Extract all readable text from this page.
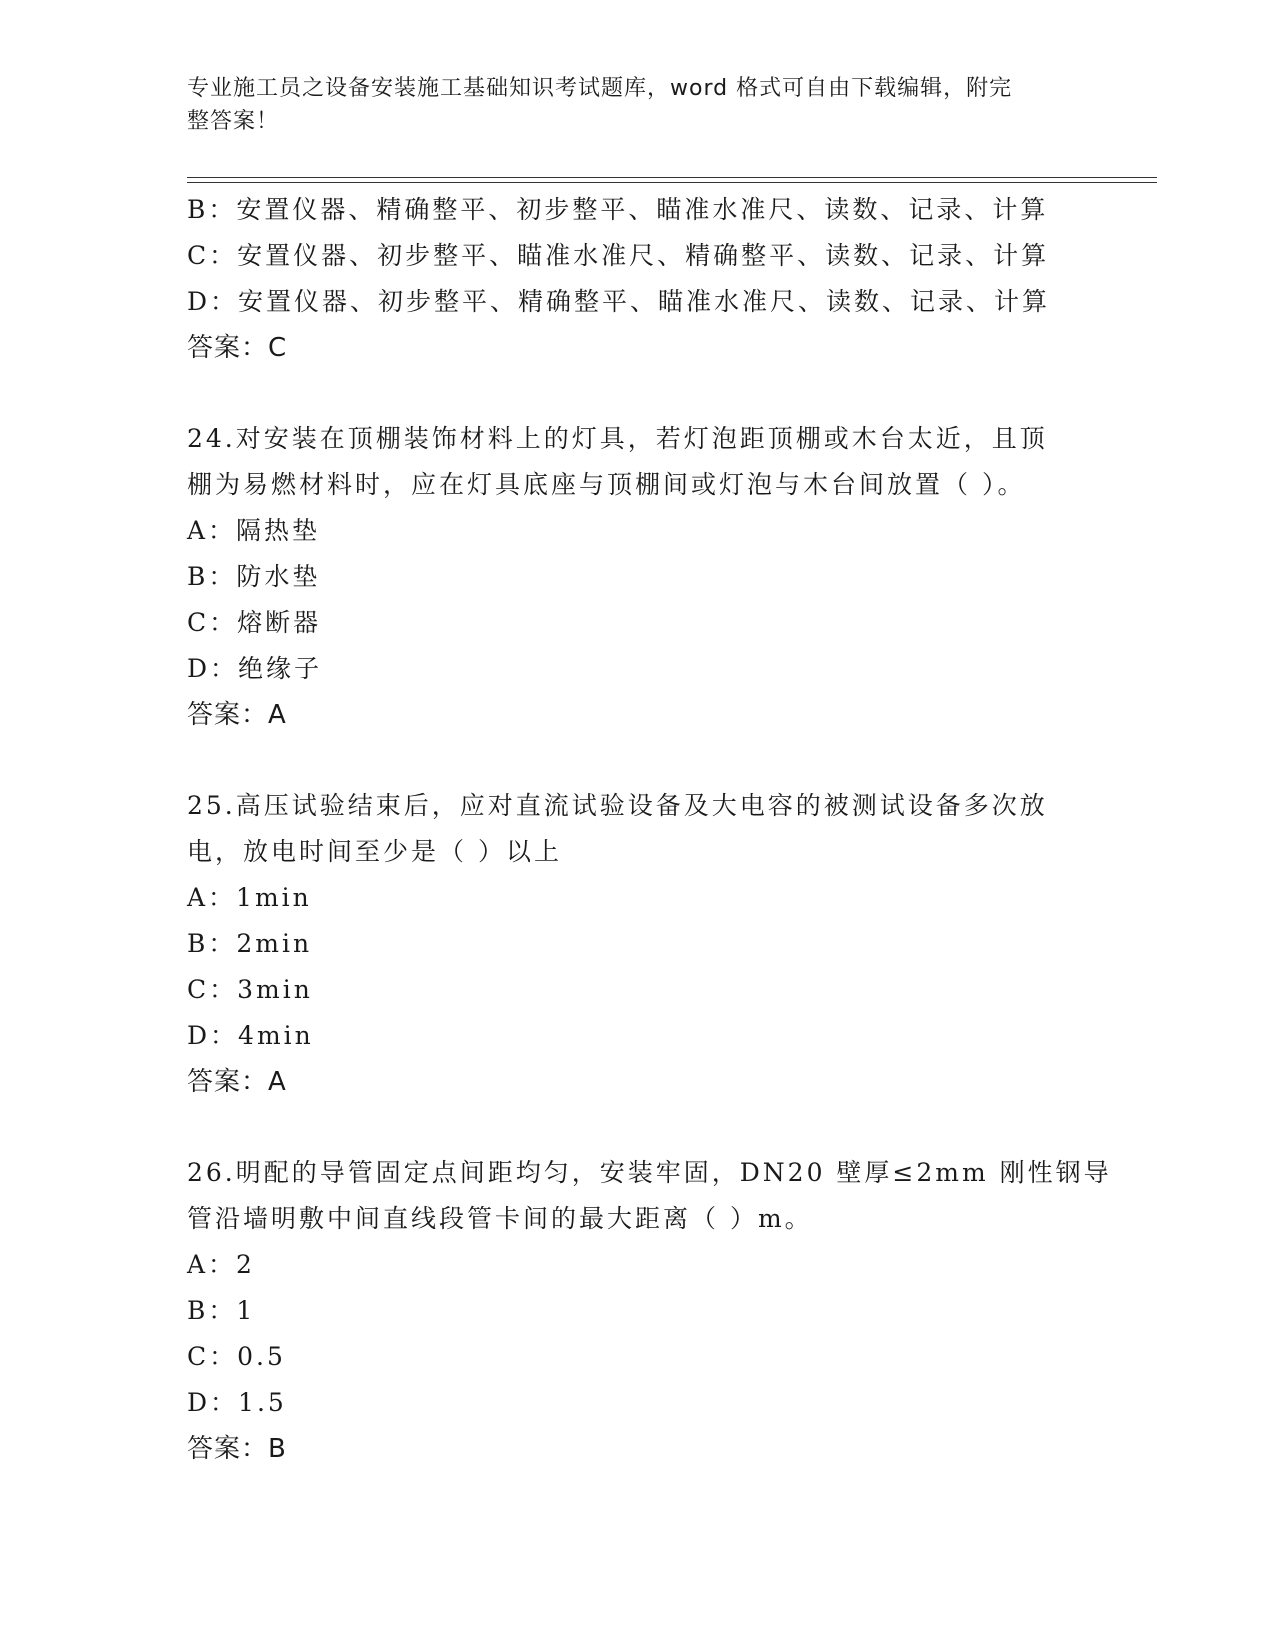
专业施工员之设备安装施工基础知识考试题库，word 格式可自由下载编辑，附完
整答案！
B：安置仪器、精确整平、初步整平、瞄准水准尺、读数、记录、计算
C：安置仪器、初步整平、瞄准水准尺、精确整平、读数、记录、计算
D：安置仪器、初步整平、精确整平、瞄准水准尺、读数、记录、计算
答案：C
24.对安装在顶棚装饰材料上的灯具，若灯泡距顶棚或木台太近，且顶
棚为易燃材料时，应在灯具底座与顶棚间或灯泡与木台间放置（ ）。
A：隔热垫
B：防水垫
C：熔断器
D：绝缘子
答案：A
25.高压试验结束后，应对直流试验设备及大电容的被测试设备多次放
电，放电时间至少是（ ）以上
A：1min
B：2min
C：3min
D：4min
答案：A
26.明配的导管固定点间距均匀，安装牢固，DN20 壁厚≤2mm 刚性钢导
管沿墙明敷中间直线段管卡间的最大距离（ ）m。
A：2
B：1
C：0.5
D：1.5
答案：B
